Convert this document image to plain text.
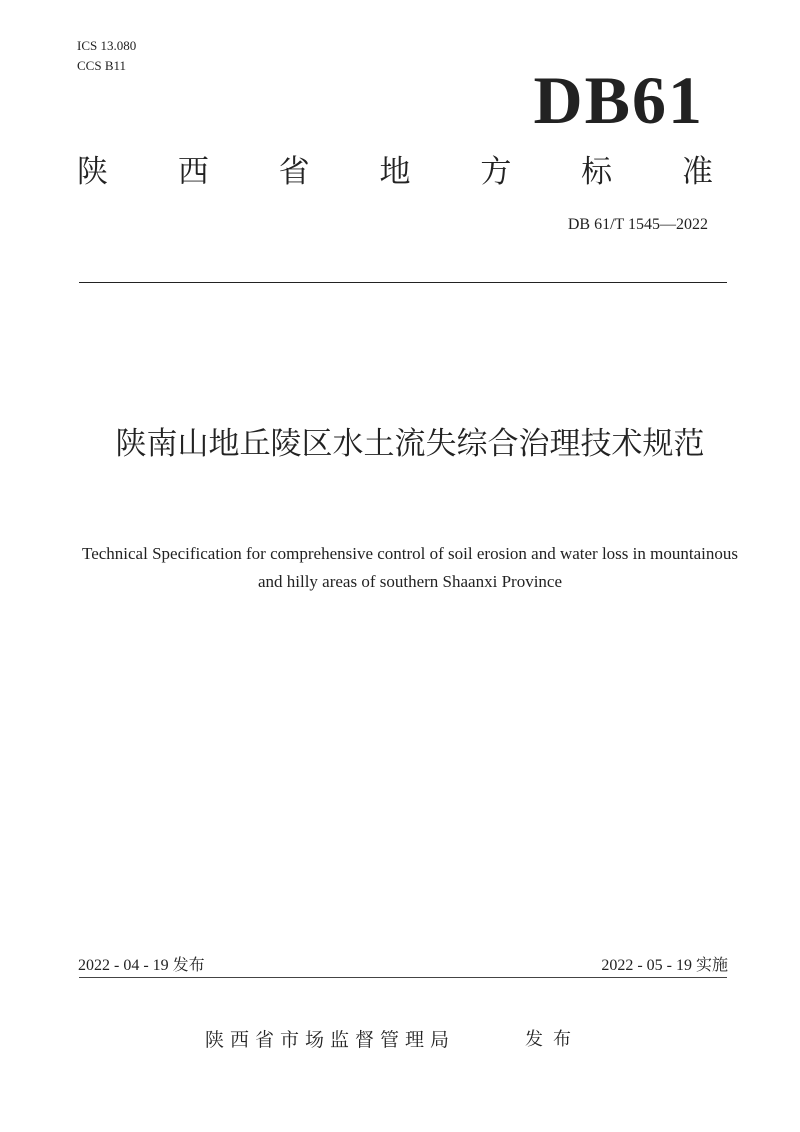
ICS 13.080
CCS B11	DB61
陕 西 省 地 方 标 准
DB 61/T 1545—2022
陕南山地丘陵区水土流失综合治理技术规范
Technical Specification for comprehensive control of soil erosion and water loss in mountainous and hilly areas of southern Shaanxi Province
2022 - 04 - 19 发布	2022 - 05 - 19 实施
陕西省市场监督管理局	发布
